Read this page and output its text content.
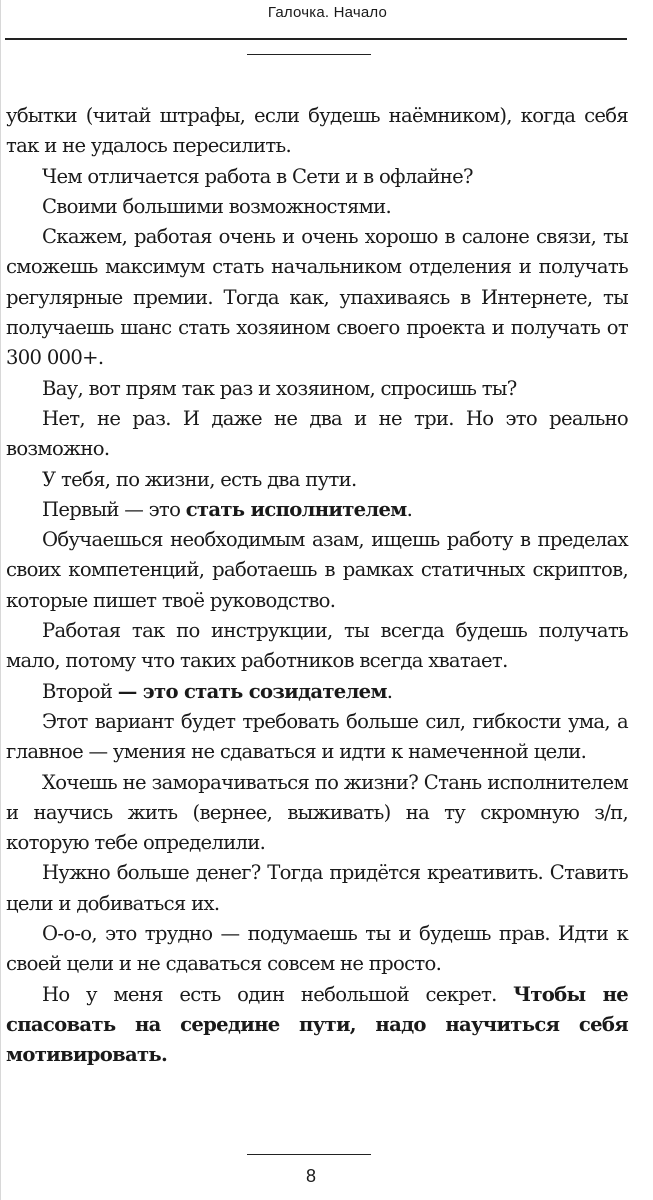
Галочка. Начало

убытки (читай штрафы, если будешь наёмником), когда себя так и не удалось пересилить.

Чем отличается работа в Сети и в офлайне?

Своими большими возможностями.

Скажем, работая очень и очень хорошо в салоне связи, ты сможешь максимум стать начальником отделения и получать регулярные премии. Тогда как, упахиваясь в Интернете, ты получаешь шанс стать хозяином своего проекта и получать от 300 000+.

Вау, вот прям так раз и хозяином, спросишь ты?

Нет, не раз. И даже не два и не три. Но это реально возможно.

У тебя, по жизни, есть два пути.

Первый — это стать исполнителем.

Обучаешься необходимым азам, ищешь работу в пределах своих компетенций, работаешь в рамках статичных скриптов, которые пишет твоё руководство.

Работая так по инструкции, ты всегда будешь получать мало, потому что таких работников всегда хватает.

Второй — это стать созидателем.

Этот вариант будет требовать больше сил, гибкости ума, а главное — умения не сдаваться и идти к намеченной цели.

Хочешь не заморачиваться по жизни? Стань исполнителем и научись жить (вернее, выживать) на ту скромную з/п, которую тебе определили.

Нужно больше денег? Тогда придётся креативить. Ставить цели и добиваться их.

О-о-о, это трудно — подумаешь ты и будешь прав. Идти к своей цели и не сдаваться совсем не просто.

Но у меня есть один небольшой секрет. Чтобы не спасовать на середине пути, надо научиться себя мотивировать.

8
